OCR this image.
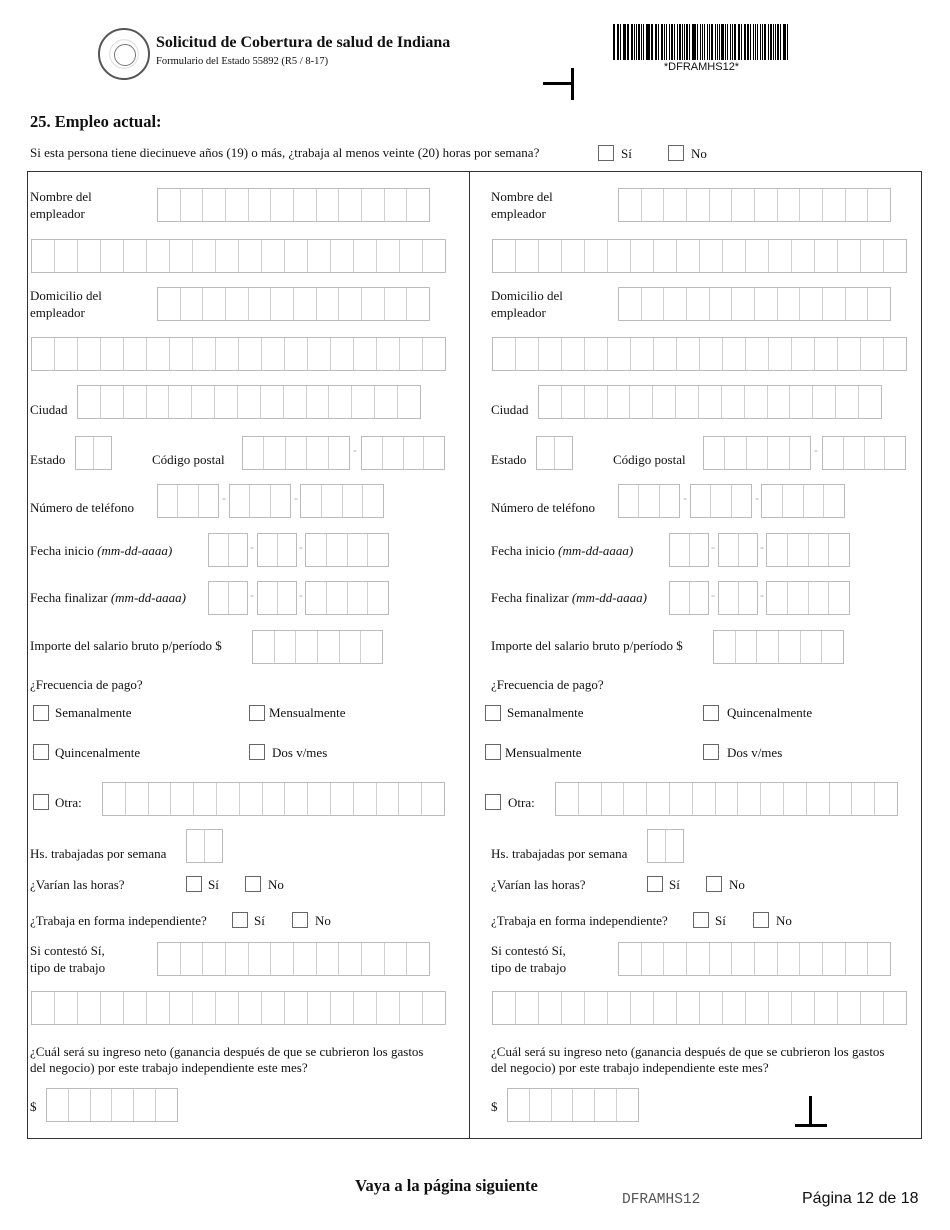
Solicitud de Cobertura de salud de Indiana
Formulario del Estado 55892 (R5 / 8-17)	*DFRAMHS12*
25. Empleo actual:
Si esta persona tiene diecinueve años (19) o más, ¿trabaja al menos veinte (20) horas por semana?	Sí	No
Nombre del
empleador
Domicilio del
empleador
Ciudad
Estado	Código postal
-
Número de teléfono
-	-
Fecha inicio (mm-dd-aaaa)	-	-
Fecha finalizar (mm-dd-aaaa)	-	-
Importe del salario bruto p/período $
¿Frecuencia de pago?
Semanalmente	Mensualmente
Quincenalmente	Dos v/mes
Otra:
Hs. trabajadas por semana
¿Varían las horas?	Sí	No
¿Trabaja en forma independiente?	Sí	No
Si contestó Sí,
tipo de trabajo
¿Cuál será su ingreso neto (ganancia después de que se cubrieron los gastos
del negocio) por este trabajo independiente este mes?
$
Nombre del
empleador
Domicilio del
empleador
Ciudad
Estado	Código postal
-
Número de teléfono
-	-
Fecha inicio (mm-dd-aaaa)	-	-
Fecha finalizar (mm-dd-aaaa)	-	-
Importe del salario bruto p/período $
¿Frecuencia de pago?
Semanalmente	Quincenalmente
Mensualmente	Dos v/mes
Otra:
Hs. trabajadas por semana
¿Varían las horas?	Sí	No
¿Trabaja en forma independiente?	Sí	No
Si contestó Sí,
tipo de trabajo
¿Cuál será su ingreso neto (ganancia después de que se cubrieron los gastos
del negocio) por este trabajo independiente este mes?
$
Vaya a la página siguiente
DFRAMHS12	Página 12 de 18
